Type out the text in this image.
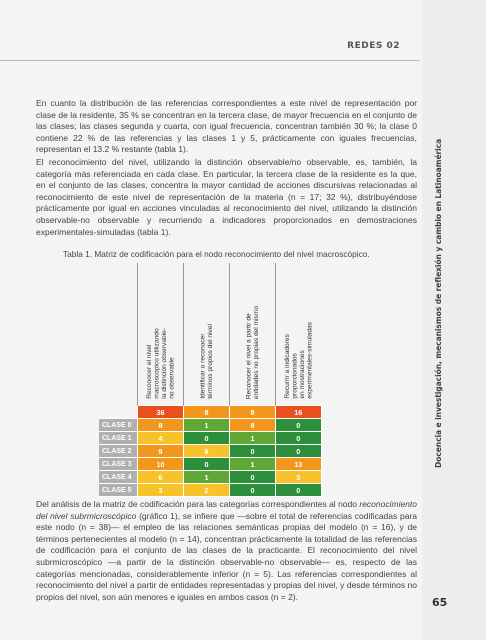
REDES 02
Docencia e investigación, mecanismos de reflexión y cambio en Latinoamérica

En cuanto la distribución de las referencias correspondientes a este nivel de representación por clase de la residente, 35 % se concentran en la tercera clase, de mayor frecuencia en el conjunto de las clases; las clases segunda y cuarta, con igual frecuencia, concentran también 30 %; la clase 0 contiene 22 % de las referencias y las clases 1 y 5, prácticamente con iguales frecuencias, representan el 13.2 % restante (tabla 1).

El reconocimiento del nivel, utilizando la distinción observable/no observable, es, también, la categoría más referenciada en cada clase. En particular, la tercera clase de la residente es la que, en el conjunto de las clases, concentra la mayor cantidad de acciones discursivas relacionadas al reconocimiento de este nivel de representación de la materia (n = 17; 32 %), distribuyéndose prácticamente por igual en acciones vinculadas al reconocimiento del nivel, utilizando la distinción observable-no observable y recurriendo a indicadores proporcionados en demostraciones experimentales-simuladas (tabla 1).

Tabla 1. Matriz de codificación para el nodo reconocimiento del nivel macroscópico.

	Reconocer el nivel
macroscópico utilizando
la distinción observable-
no observable	Identificar o reconocer
términos propios del nivel	Reconocer el nivel a partir de
entidades no propias del mismo	Recurrir a indicadores
proporcionados
en mostraciones
experimentales-simuladas

	36	8	8	16
CLASE 0	8	1	8	0
CLASE 1	4	0	1	0
CLASE 2	9	6	0	0
CLASE 3	10	0	1	13
CLASE 4	6	1	0	3
CLASE 5	3	2	0	0

Del análisis de la matriz de codificación para las categorías correspondientes al nodo reconocimiento del nivel subrmicroscópico (gráfico 1), se infiere que —sobre el total de referencias codificadas para este nodo (n = 38)— el empleo de las relaciones semánticas propias del modelo (n = 16), y de términos pertenecientes al modelo (n = 14), concentran prácticamente la totalidad de las referencias de codificación para el conjunto de las clases de la practicante. El reconocimiento del nivel subrmicroscópico —a partir de la distinción observable-no observable— es, respecto de las categorías mencionadas, considerablemente inferior (n = 5). Las referencias correspondientes al reconocimiento del nivel a partir de entidades representadas y propias del nivel, y desde términos no propios del nivel, son aún menores e iguales en ambos casos (n = 2).	65
